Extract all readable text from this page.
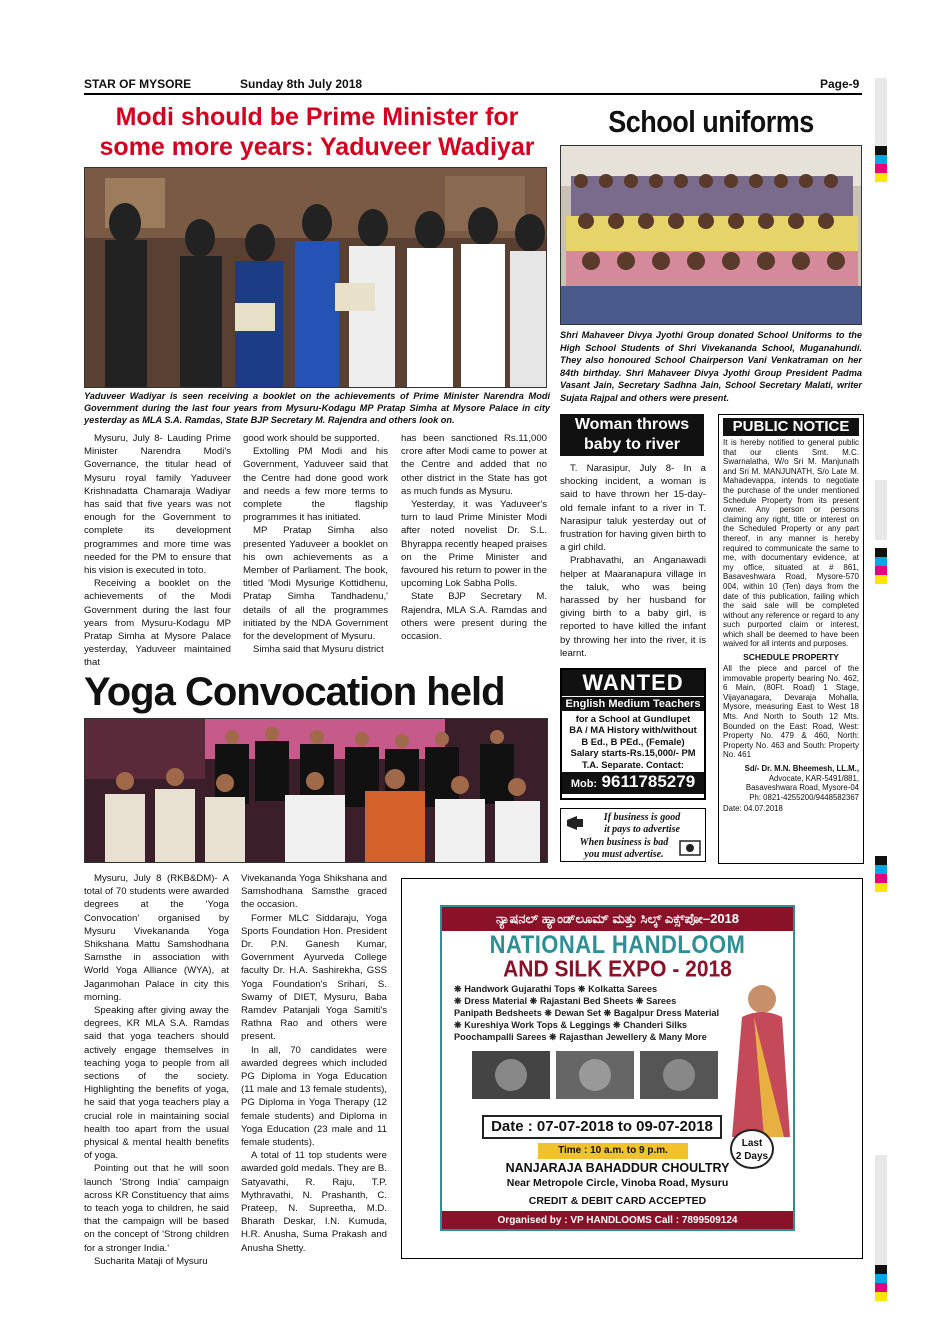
STAR OF MYSORE	Sunday 8th July 2018	Page-9
Modi should be Prime Minister for
some more years: Yaduveer Wadiyar
Yaduveer Wadiyar is seen receiving a booklet on the achievements of Prime Minister Narendra Modi Government during the last four years from Mysuru-Kodagu MP Pratap Simha at Mysore Palace in city yesterday as MLA S.A. Ramdas, State BJP Secretary M. Rajendra and others look on.

Mysuru, July 8- Lauding Prime Minister Narendra Modi's Governance, the titular head of Mysuru royal family Yaduveer Krishnadatta Chamaraja Wadiyar has said that five years was not enough for the Government to complete its development programmes and more time was needed for the PM to ensure that his vision is executed in toto.

Receiving a booklet on the achievements of the Modi Government during the last four years from Mysuru-Kodagu MP Pratap Simha at Mysore Palace yesterday, Yaduveer maintained that

good work should be supported.

Extolling PM Modi and his Government, Yaduveer said that the Centre had done good work and needs a few more terms to complete the flagship programmes it has initiated.

MP Pratap Simha also presented Yaduveer a booklet on his own achievements as a Member of Parliament. The book, titled 'Modi Mysurige Kottidhenu, Pratap Simha Tandhadenu,' details of all the programmes initiated by the NDA Government for the development of Mysuru.

Simha said that Mysuru district

has been sanctioned Rs.11,000 crore after Modi came to power at the Centre and added that no other district in the State has got as much funds as Mysuru.

Yesterday, it was Yaduveer's turn to laud Prime Minister Modi after noted novelist Dr. S.L. Bhyrappa recently heaped praises on the Prime Minister and favoured his return to power in the upcoming Lok Sabha Polls.

State BJP Secretary M. Rajendra, MLA S.A. Ramdas and others were present during the occasion.

School uniforms
Shri Mahaveer Divya Jyothi Group donated School Uniforms to the High School Students of Shri Vivekananda School, Muganahundi. They also honoured School Chairperson Vani Venkatraman on her 84th birthday. Shri Mahaveer Divya Jyothi Group President Padma Vasant Jain, Secretary Sadhna Jain, School Secretary Malati, writer Sujata Rajpal and others were present.
Woman throws
baby to river

T. Narasipur, July 8- In a shocking incident, a woman is said to have thrown her 15-day-old female infant to a river in T. Narasipur taluk yesterday out of frustration for having given birth to a girl child.

Prabhavathi, an Anganawadi helper at Maaranapura village in the taluk, who was being harassed by her husband for giving birth to a baby girl, is reported to have killed the infant by throwing her into the river, it is learnt.

PUBLIC NOTICE
It is hereby notified to general public that our clients Smt. M.C. Swarnalatha, W/o Sri M. Manjunath and Sri M. MANJUNATH, S/o Late M. Mahadevappa, intends to negotiate the purchase of the under mentioned Schedule Property from its present owner. Any person or persons claiming any right, title or interest on the Scheduled Property or any part thereof, in any manner is hereby required to communicate the same to me, with documentary evidence, at my office, situated at # 861, Basaveshwara Road, Mysore-570 004, within 10 (Ten) days from the date of this publication, failing which the said sale will be completed without any reference or regard to any such purported claim or interest, which shall be deemed to have been waived for all intents and purposes.
SCHEDULE PROPERTY
All the piece and parcel of the immovable property bearing No. 462, 6 Main, (80Ft. Road) 1 Stage, Vijayanagara, Devaraja Mohalla, Mysore, measuring East to West 18 Mts. And North to South 12 Mts. Bounded on the East: Road, West: Property No. 479 & 460, North: Property No. 463 and South: Property No. 461
Sd/- Dr. M.N. Bheemesh, LL.M.,
Advocate, KAR-5491/881,
Basaveshwara Road, Mysore-04
Ph: 0821-4255200/9448582367
Date: 04.07.2018
Yoga Convocation held

Mysuru, July 8 (RKB&DM)- A total of 70 students were awarded degrees at the 'Yoga Convocation' organised by Mysuru Vivekananda Yoga Shikshana Mattu Samshodhana Samsthe in association with World Yoga Alliance (WYA), at Jaganmohan Palace in city this morning.

Speaking after giving away the degrees, KR MLA S.A. Ramdas said that yoga teachers should actively engage themselves in teaching yoga to people from all sections of the society. Highlighting the benefits of yoga, he said that yoga teachers play a crucial role in maintaining social health too apart from the usual physical & mental health benefits of yoga.

Pointing out that he will soon launch 'Strong India' campaign across KR Constituency that aims to teach yoga to children, he said that the campaign will be based on the concept of 'Strong children for a stronger India.'

Sucharita Mataji of Mysuru

Vivekananda Yoga Shikshana and Samshodhana Samsthe graced the occasion.

Former MLC Siddaraju, Yoga Sports Foundation Hon. President Dr. P.N. Ganesh Kumar, Government Ayurveda College faculty Dr. H.A. Sashirekha, GSS Yoga Foundation's Srihari, S. Swamy of DIET, Mysuru, Baba Ramdev Patanjali Yoga Samiti's Rathna Rao and others were present.

In all, 70 candidates were awarded degrees which included PG Diploma in Yoga Education (11 male and 13 female students), PG Diploma in Yoga Therapy (12 female students) and Diploma in Yoga Education (23 male and 11 female students).

A total of 11 top students were awarded gold medals. They are B. Satyavathi, R. Raju, T.P. Mythravathi, N. Prashanth, C. Prateep, N. Supreetha, M.D. Bharath Deskar, I.N. Kumuda, H.R. Anusha, Suma Prakash and Anusha Shetty.

WANTED
English Medium Teachers
for a School at Gundlupet
BA / MA History with/without
B Ed., B PEd., (Female)
Salary starts-Rs.15,000/- PM
T.A. Separate. Contact:
Mob: 9611785279
If business is good
it pays to advertise
When business is bad
you must advertise.
ನ್ಯಾಷನಲ್ ಹ್ಯಾಂಡ್‌ಲೂಮ್ ಮತ್ತು ಸಿಲ್ಕ್ ಎಕ್ಸ್‌ಪೋ–2018
NATIONAL HANDLOOM
AND SILK EXPO - 2018
❋ Handwork Gujarathi Tops ❋ Kolkatta Sarees
❋ Dress Material ❋ Rajastani Bed Sheets ❋ Sarees
Panipath Bedsheets ❋ Dewan Set ❋ Bagalpur Dress Material
❋ Kureshiya Work Tops & Leggings ❋ Chanderi Silks
Poochampalli Sarees ❋ Rajasthan Jewellery & Many More
Date : 07-07-2018 to 09-07-2018
Last
2 Days
Time : 10 a.m. to 9 p.m.
NANJARAJA BAHADDUR CHOULTRY
Near Metropole Circle, Vinoba Road, Mysuru
CREDIT & DEBIT CARD ACCEPTED
Organised by : VP HANDLOOMS Call : 7899509124
